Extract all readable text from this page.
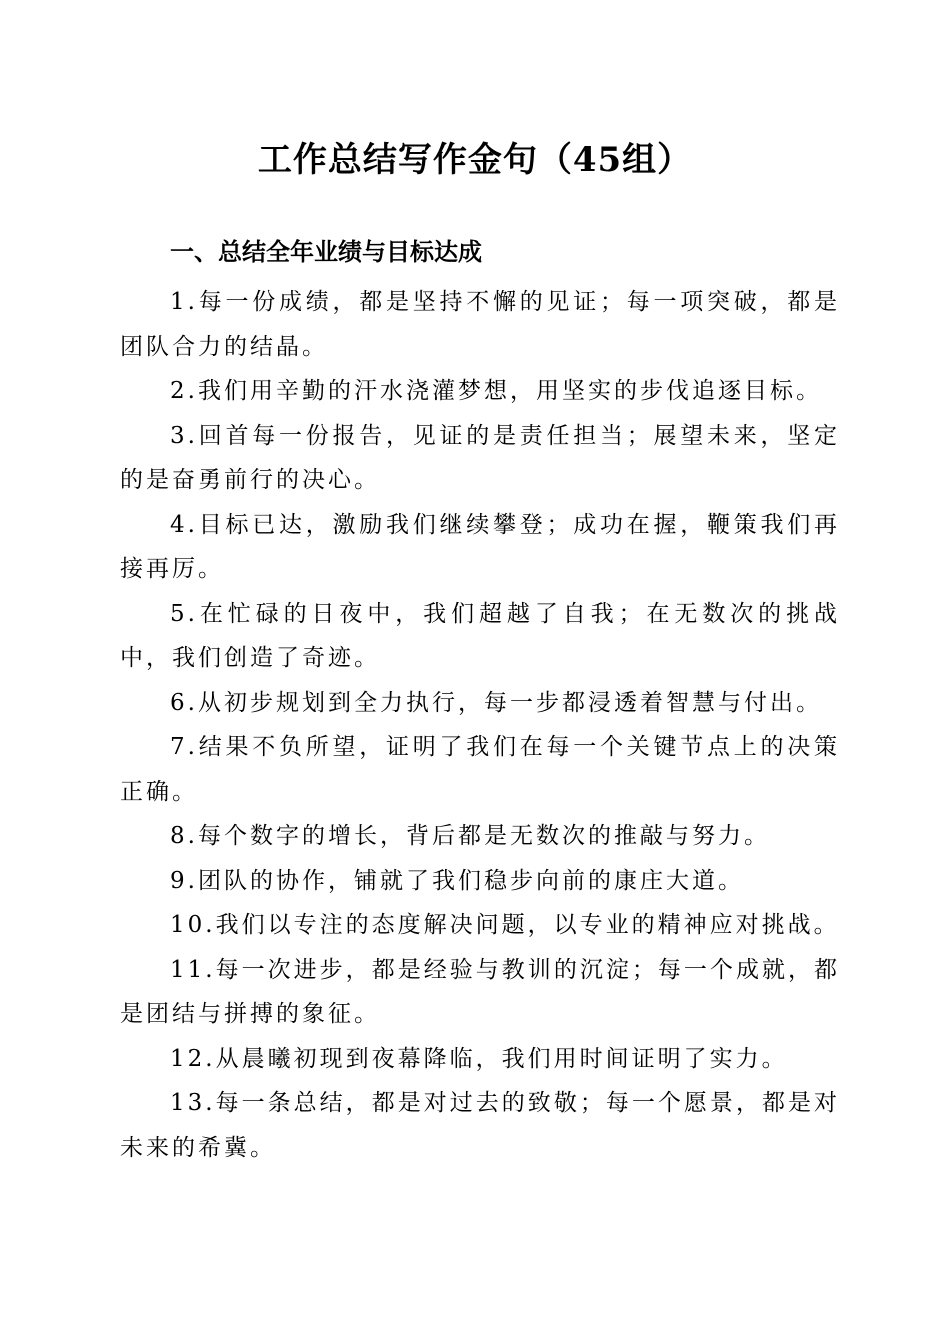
工作总结写作金句（45组）
一、总结全年业绩与目标达成

1.每一份成绩，都是坚持不懈的见证；每一项突破，都是团队合力的结晶。

2.我们用辛勤的汗水浇灌梦想，用坚实的步伐追逐目标。

3.回首每一份报告，见证的是责任担当；展望未来，坚定的是奋勇前行的决心。

4.目标已达，激励我们继续攀登；成功在握，鞭策我们再接再厉。

5.在忙碌的日夜中，我们超越了自我；在无数次的挑战中，我们创造了奇迹。

6.从初步规划到全力执行，每一步都浸透着智慧与付出。

7.结果不负所望，证明了我们在每一个关键节点上的决策正确。

8.每个数字的增长，背后都是无数次的推敲与努力。

9.团队的协作，铺就了我们稳步向前的康庄大道。

10.我们以专注的态度解决问题，以专业的精神应对挑战。

11.每一次进步，都是经验与教训的沉淀；每一个成就，都是团结与拼搏的象征。

12.从晨曦初现到夜幕降临，我们用时间证明了实力。

13.每一条总结，都是对过去的致敬；每一个愿景，都是对未来的希冀。
